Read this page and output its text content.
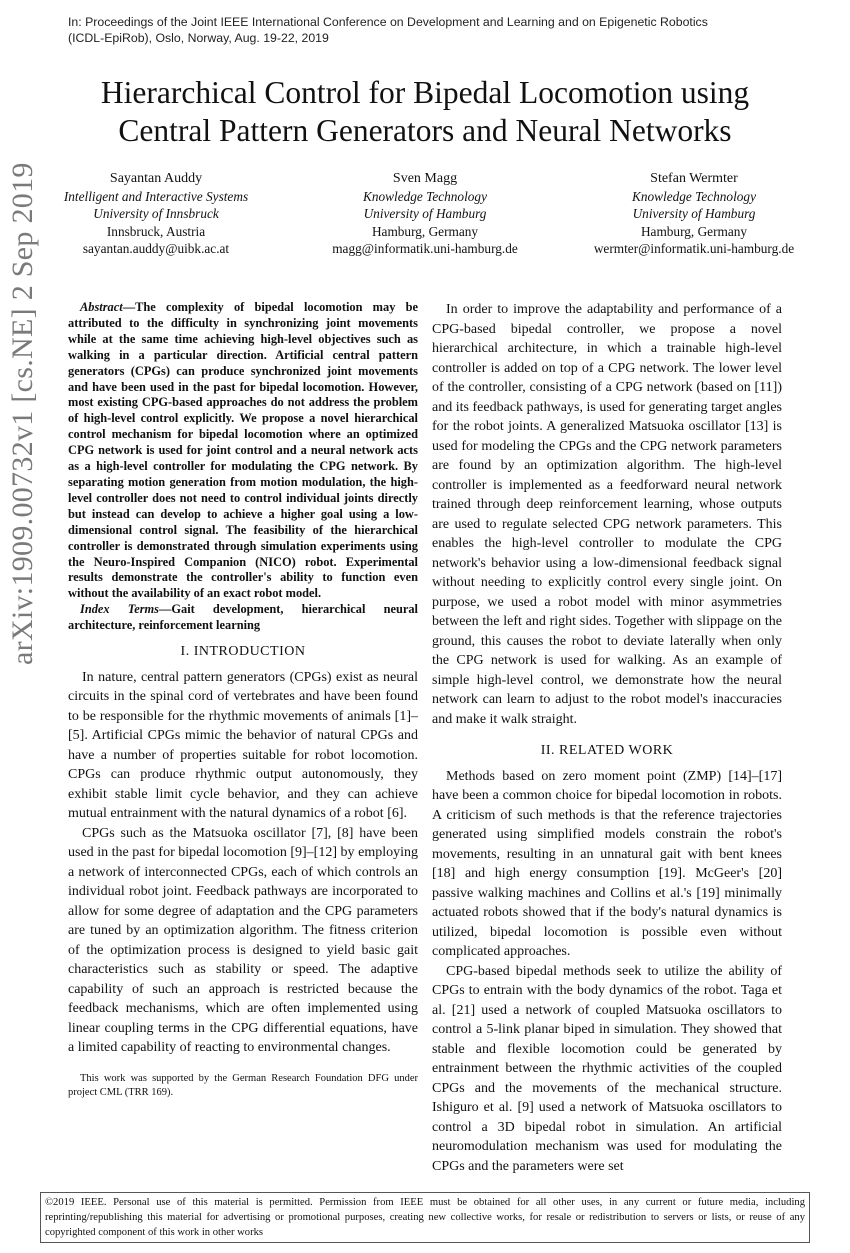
In: Proceedings of the Joint IEEE International Conference on Development and Learning and on Epigenetic Robotics
(ICDL-EpiRob), Oslo, Norway, Aug. 19-22, 2019
Hierarchical Control for Bipedal Locomotion using
Central Pattern Generators and Neural Networks
Sayantan Auddy
Intelligent and Interactive Systems
University of Innsbruck
Innsbruck, Austria
sayantan.auddy@uibk.ac.at
Sven Magg
Knowledge Technology
University of Hamburg
Hamburg, Germany
magg@informatik.uni-hamburg.de
Stefan Wermter
Knowledge Technology
University of Hamburg
Hamburg, Germany
wermter@informatik.uni-hamburg.de
arXiv:1909.00732v1 [cs.NE] 2 Sep 2019	Abstract—The complexity of bipedal locomotion may be attributed to the difficulty in synchronizing joint movements while at the same time achieving high-level objectives such as walking in a particular direction. Artificial central pattern generators (CPGs) can produce synchronized joint movements and have been used in the past for bipedal locomotion. However, most existing CPG-based approaches do not address the problem of high-level control explicitly. We propose a novel hierarchical control mechanism for bipedal locomotion where an optimized CPG network is used for joint control and a neural network acts as a high-level controller for modulating the CPG network. By separating motion generation from motion modulation, the high-level controller does not need to control individual joints directly but instead can develop to achieve a higher goal using a low-dimensional control signal. The feasibility of the hierarchical controller is demonstrated through simulation experiments using the Neuro-Inspired Companion (NICO) robot. Experimental results demonstrate the controller's ability to function even without the availability of an exact robot model.

Index Terms—Gait development, hierarchical neural architecture, reinforcement learning

I. INTRODUCTION

In nature, central pattern generators (CPGs) exist as neural circuits in the spinal cord of vertebrates and have been found to be responsible for the rhythmic movements of animals [1]–[5]. Artificial CPGs mimic the behavior of natural CPGs and have a number of properties suitable for robot locomotion. CPGs can produce rhythmic output autonomously, they exhibit stable limit cycle behavior, and they can achieve mutual entrainment with the natural dynamics of a robot [6].

CPGs such as the Matsuoka oscillator [7], [8] have been used in the past for bipedal locomotion [9]–[12] by employing a network of interconnected CPGs, each of which controls an individual robot joint. Feedback pathways are incorporated to allow for some degree of adaptation and the CPG parameters are tuned by an optimization algorithm. The fitness criterion of the optimization process is designed to yield basic gait characteristics such as stability or speed. The adaptive capability of such an approach is restricted because the feedback mechanisms, which are often implemented using linear coupling terms in the CPG differential equations, have a limited capability of reacting to environmental changes.

This work was supported by the German Research Foundation DFG under project CML (TRR 169).

In order to improve the adaptability and performance of a CPG-based bipedal controller, we propose a novel hierarchical architecture, in which a trainable high-level controller is added on top of a CPG network. The lower level of the controller, consisting of a CPG network (based on [11]) and its feedback pathways, is used for generating target angles for the robot joints. A generalized Matsuoka oscillator [13] is used for modeling the CPGs and the CPG network parameters are found by an optimization algorithm. The high-level controller is implemented as a feedforward neural network trained through deep reinforcement learning, whose outputs are used to regulate selected CPG network parameters. This enables the high-level controller to modulate the CPG network's behavior using a low-dimensional feedback signal without needing to explicitly control every single joint. On purpose, we used a robot model with minor asymmetries between the left and right sides. Together with slippage on the ground, this causes the robot to deviate laterally when only the CPG network is used for walking. As an example of simple high-level control, we demonstrate how the neural network can learn to adjust to the robot model's inaccuracies and make it walk straight.

II. RELATED WORK

Methods based on zero moment point (ZMP) [14]–[17] have been a common choice for bipedal locomotion in robots. A criticism of such methods is that the reference trajectories generated using simplified models constrain the robot's movements, resulting in an unnatural gait with bent knees [18] and high energy consumption [19]. McGeer's [20] passive walking machines and Collins et al.'s [19] minimally actuated robots showed that if the body's natural dynamics is utilized, bipedal locomotion is possible even without complicated approaches.

CPG-based bipedal methods seek to utilize the ability of CPGs to entrain with the body dynamics of the robot. Taga et al. [21] used a network of coupled Matsuoka oscillators to control a 5-link planar biped in simulation. They showed that stable and flexible locomotion could be generated by entrainment between the rhythmic activities of the coupled CPGs and the movements of the mechanical structure. Ishiguro et al. [9] used a network of Matsuoka oscillators to control a 3D bipedal robot in simulation. An artificial neuromodulation mechanism was used for modulating the CPGs and the parameters were set

©2019 IEEE. Personal use of this material is permitted. Permission from IEEE must be obtained for all other uses, in any current or future media, including reprinting/republishing this material for advertising or promotional purposes, creating new collective works, for resale or redistribution to servers or lists, or reuse of any copyrighted component of this work in other works
